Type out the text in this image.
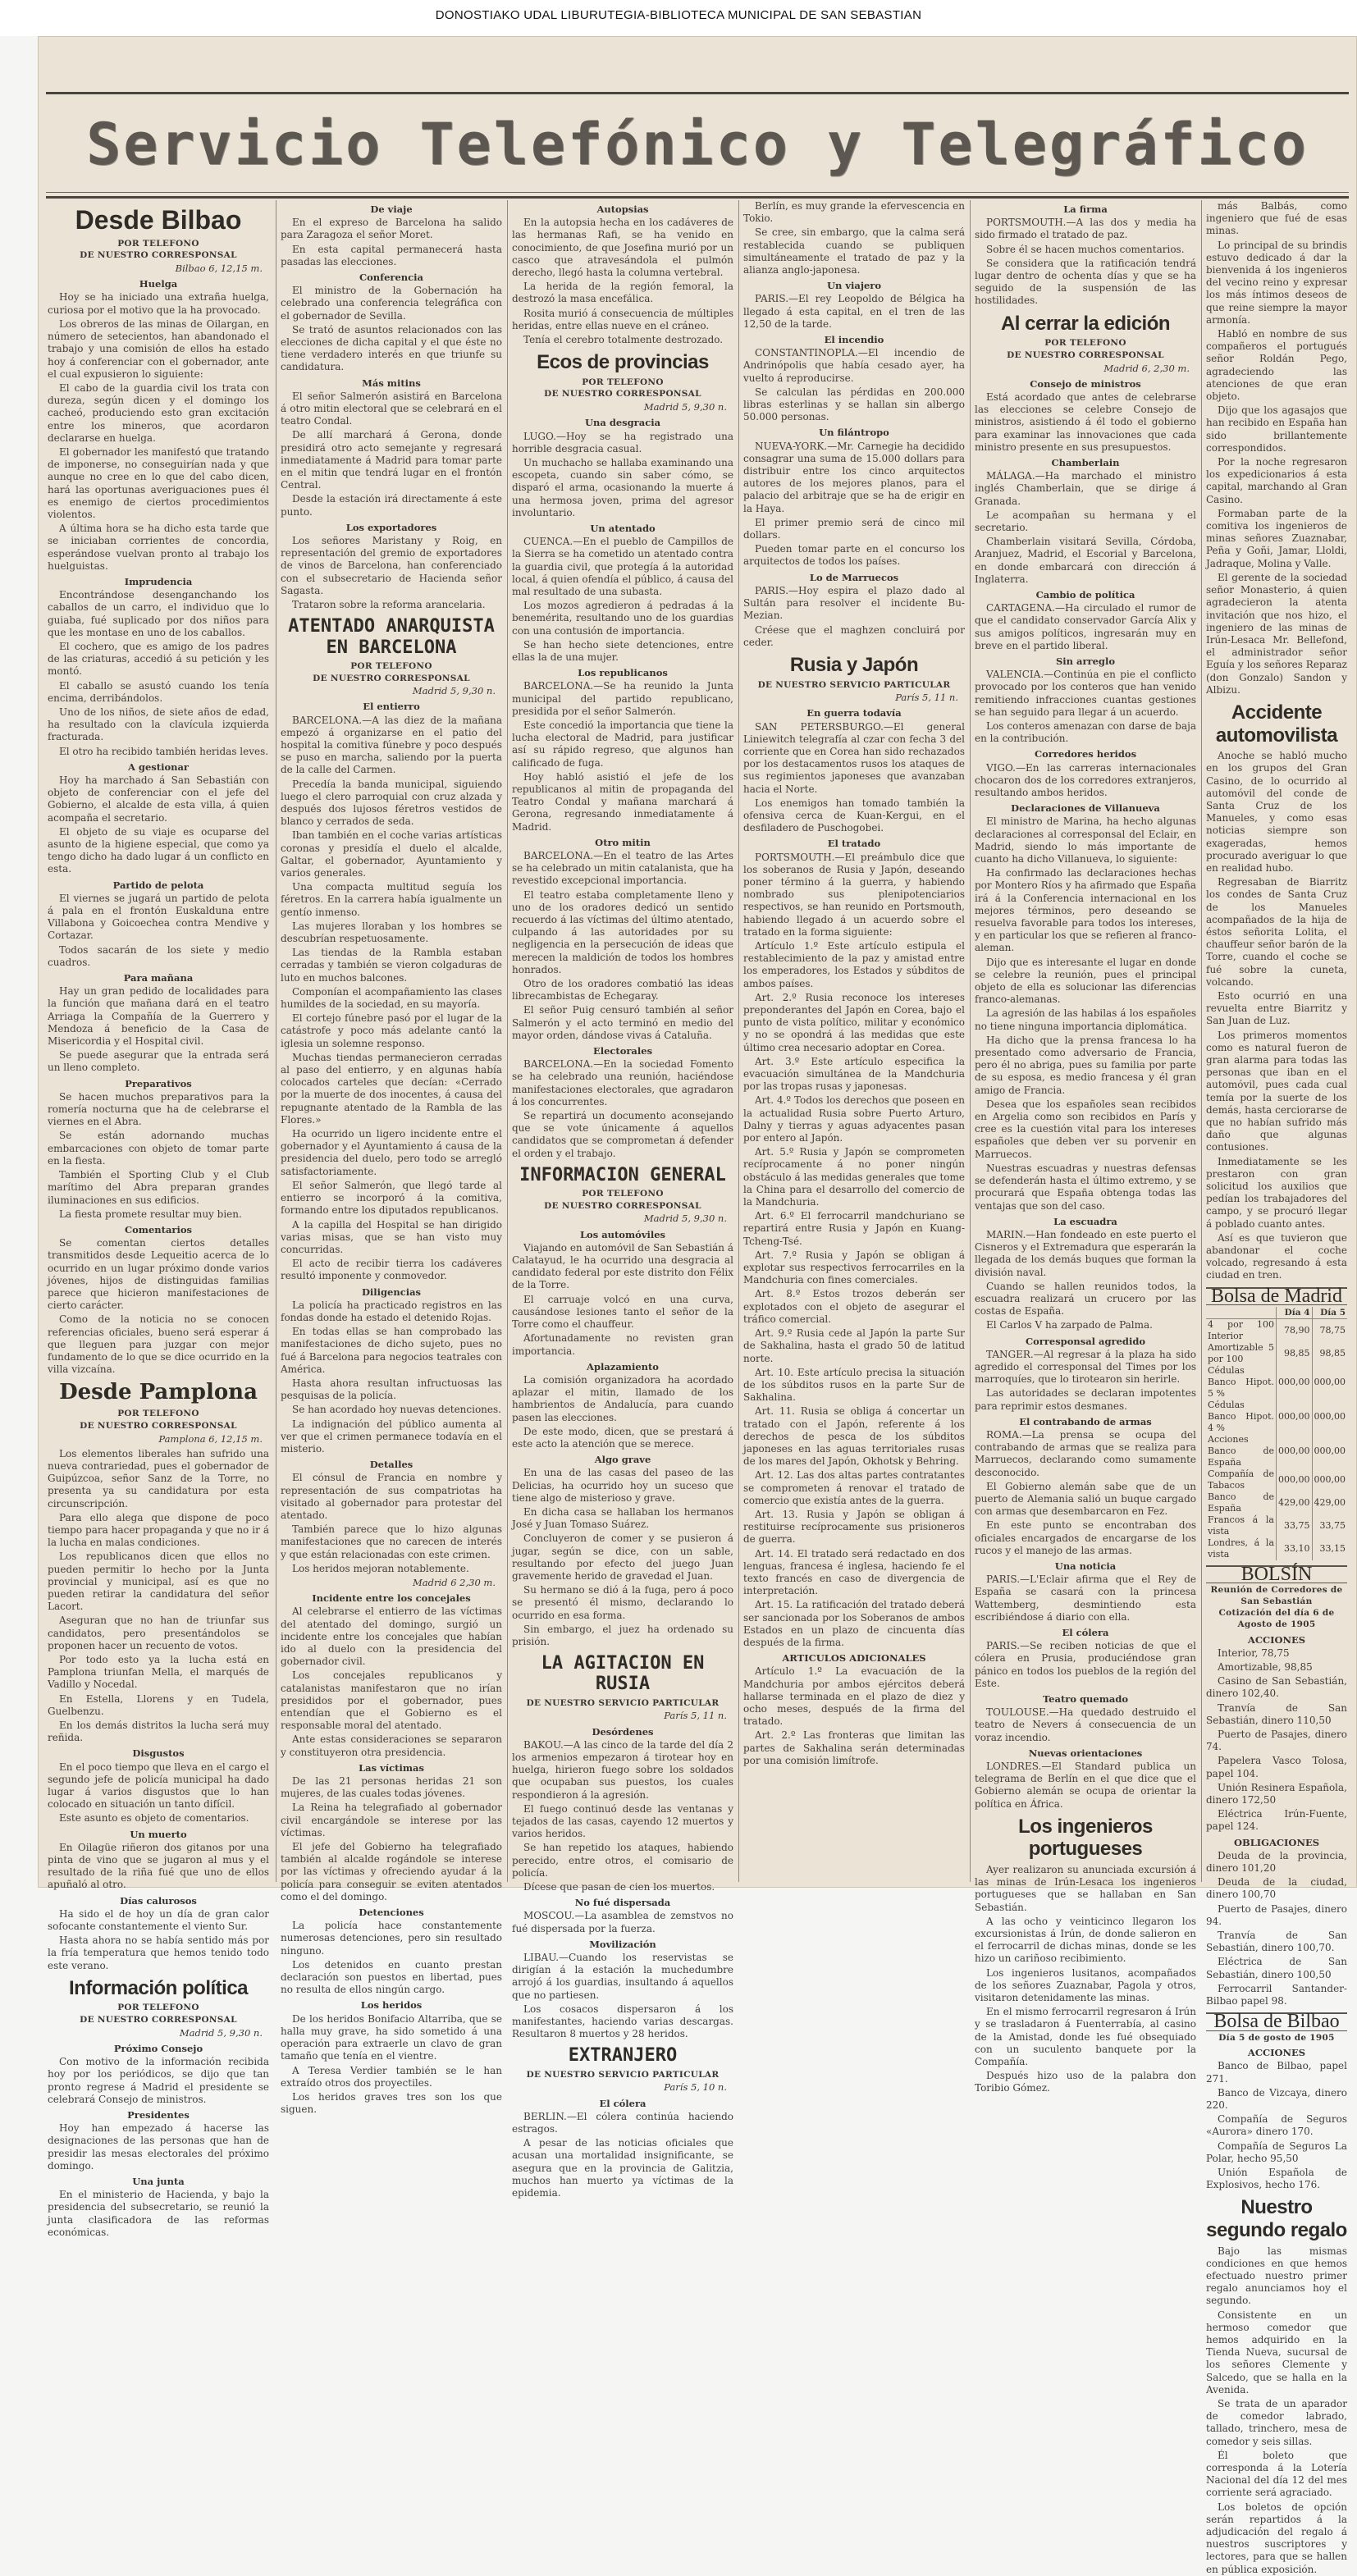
DONOSTIAKO UDAL LIBURUTEGIA-BIBLIOTECA MUNICIPAL DE SAN SEBASTIAN
Servicio Telefónico y Telegráfico
Desde Bilbao
POR TELEFONO
DE NUESTRO CORRESPONSAL
Bilbao 6, 12,15 m.
Huelga
Hoy se ha iniciado una extraña huelga, curiosa por el motivo que la ha provocado.
Los obreros de las minas de Oilargan, en número de setecientos, han abandonado el trabajo y una comisión de ellos ha estado hoy á conferenciar con el gobernador, ante el cual expusieron lo siguiente:
El cabo de la guardia civil los trata con dureza, según dicen y el domingo los cacheó, produciendo esto gran excitación entre los mineros, que acordaron declararse en huelga.
El gobernador les manifestó que tratando de imponerse, no conseguirían nada y que aunque no cree en lo que del cabo dicen, hará las oportunas averiguaciones pues él es enemigo de ciertos procedimientos violentos.
A última hora se ha dicho esta tarde que se iniciaban corrientes de concordia, esperándose vuelvan pronto al trabajo los huelguistas.
Imprudencia
Encontrándose desenganchando los caballos de un carro, el individuo que lo guiaba, fué suplicado por dos niños para que les montase en uno de los caballos.
El cochero, que es amigo de los padres de las criaturas, accedió á su petición y les montó.
El caballo se asustó cuando los tenía encima, derribándolos.
Uno de los niños, de siete años de edad, ha resultado con la clavícula izquierda fracturada.
El otro ha recibido también heridas leves.
A gestionar
Hoy ha marchado á San Sebastián con objeto de conferenciar con el jefe del Gobierno, el alcalde de esta villa, á quien acompaña el secretario.
El objeto de su viaje es ocuparse del asunto de la higiene especial, que como ya tengo dicho ha dado lugar á un conflicto en esta.
Partido de pelota
El viernes se jugará un partido de pelota á pala en el frontón Euskalduna entre Villabona y Goicoechea contra Mendive y Cortazar.
Todos sacarán de los siete y medio cuadros.
Para mañana
Hay un gran pedido de localidades para la función que mañana dará en el teatro Arriaga la Compañía de la Guerrero y Mendoza á beneficio de la Casa de Misericordia y el Hospital civil.
Se puede asegurar que la entrada será un lleno completo.
Preparativos
Se hacen muchos preparativos para la romería nocturna que ha de celebrarse el viernes en el Abra.
Se están adornando muchas embarcaciones con objeto de tomar parte en la fiesta.
También el Sporting Club y el Club marítimo del Abra preparan grandes iluminaciones en sus edificios.
La fiesta promete resultar muy bien.
Comentarios
Se comentan ciertos detalles transmitidos desde Lequeitio acerca de lo ocurrido en un lugar próximo donde varios jóvenes, hijos de distinguidas familias parece que hicieron manifestaciones de cierto carácter.
Como de la noticia no se conocen referencias oficiales, bueno será esperar á que lleguen para juzgar con mejor fundamento de lo que se dice ocurrido en la villa vizcaína.
Desde Pamplona
POR TELEFONO
DE NUESTRO CORRESPONSAL
Pamplona 6, 12,15 m.
Los elementos liberales han sufrido una nueva contrariedad, pues el gobernador de Guipúzcoa, señor Sanz de la Torre, no presenta ya su candidatura por esta circunscripción.
Para ello alega que dispone de poco tiempo para hacer propaganda y que no ir á la lucha en malas condiciones.
Los republicanos dicen que ellos no pueden permitir lo hecho por la Junta provincial y municipal, así es que no pueden retirar la candidatura del señor Lacort.
Aseguran que no han de triunfar sus candidatos, pero presentándolos se proponen hacer un recuento de votos.
Por todo esto ya la lucha está en Pamplona triunfan Mella, el marqués de Vadillo y Nocedal.
En Estella, Llorens y en Tudela, Guelbenzu.
En los demás distritos la lucha será muy reñida.
Disgustos
En el poco tiempo que lleva en el cargo el segundo jefe de policía municipal ha dado lugar á varios disgustos que lo han colocado en situación un tanto difícil.
Este asunto es objeto de comentarios.
Un muerto
En Oilagüe riñeron dos gitanos por una pinta de vino que se jugaron al mus y el resultado de la riña fué que uno de ellos apuñaló al otro.
Días calurosos
Ha sido el de hoy un día de gran calor sofocante constantemente el viento Sur.
Hasta ahora no se había sentido más por la fría temperatura que hemos tenido todo este verano.
Información política
POR TELEFONO
DE NUESTRO CORRESPONSAL
Madrid 5, 9,30 n.
Próximo Consejo
Con motivo de la información recibida hoy por los periódicos, se dijo que tan pronto regrese á Madrid el presidente se celebrará Consejo de ministros.
Presidentes
Hoy han empezado á hacerse las designaciones de las personas que han de presidir las mesas electorales del próximo domingo.
Una junta
En el ministerio de Hacienda, y bajo la presidencia del subsecretario, se reunió la junta clasificadora de las reformas económicas.
De viaje
En el expreso de Barcelona ha salido para Zaragoza el señor Moret.
En esta capital permanecerá hasta pasadas las elecciones.
Conferencia
El ministro de la Gobernación ha celebrado una conferencia telegráfica con el gobernador de Sevilla.
Se trató de asuntos relacionados con las elecciones de dicha capital y el que éste no tiene verdadero interés en que triunfe su candidatura.
Más mitins
El señor Salmerón asistirá en Barcelona á otro mitin electoral que se celebrará en el teatro Condal.
De allí marchará á Gerona, donde presidirá otro acto semejante y regresará inmediatamente á Madrid para tomar parte en el mitin que tendrá lugar en el frontón Central.
Desde la estación irá directamente á este punto.
Los exportadores
Los señores Maristany y Roig, en representación del gremio de exportadores de vinos de Barcelona, han conferenciado con el subsecretario de Hacienda señor Sagasta.
Trataron sobre la reforma arancelaria.
ATENTADO ANARQUISTA EN BARCELONA
POR TELEFONO
DE NUESTRO CORRESPONSAL
Madrid 5, 9,30 n.
El entierro
BARCELONA.—A las diez de la mañana empezó á organizarse en el patio del hospital la comitiva fúnebre y poco después se puso en marcha, saliendo por la puerta de la calle del Carmen.
Precedía la banda municipal, siguiendo luego el clero parroquial con cruz alzada y después dos lujosos féretros vestidos de blanco y cerrados de seda.
Iban también en el coche varias artísticas coronas y presidía el duelo el alcalde, Galtar, el gobernador, Ayuntamiento y varios generales.
Una compacta multitud seguía los féretros. En la carrera había igualmente un gentío inmenso.
Las mujeres lloraban y los hombres se descubrían respetuosamente.
Las tiendas de la Rambla estaban cerradas y también se vieron colgaduras de luto en muchos balcones.
Componían el acompañamiento las clases humildes de la sociedad, en su mayoría.
El cortejo fúnebre pasó por el lugar de la catástrofe y poco más adelante cantó la iglesia un solemne responso.
Muchas tiendas permanecieron cerradas al paso del entierro, y en algunas había colocados carteles que decían: «Cerrado por la muerte de dos inocentes, á causa del repugnante atentado de la Rambla de las Flores.»
Ha ocurrido un ligero incidente entre el gobernador y el Ayuntamiento á causa de la presidencia del duelo, pero todo se arregló satisfactoriamente.
El señor Salmerón, que llegó tarde al entierro se incorporó á la comitiva, formando entre los diputados republicanos.
A la capilla del Hospital se han dirigido varias misas, que se han visto muy concurridas.
El acto de recibir tierra los cadáveres resultó imponente y conmovedor.
Diligencias
La policía ha practicado registros en las fondas donde ha estado el detenido Rojas.
En todas ellas se han comprobado las manifestaciones de dicho sujeto, pues no fué á Barcelona para negocios teatrales con América.
Hasta ahora resultan infructuosas las pesquisas de la policía.
Se han acordado hoy nuevas detenciones.
La indignación del público aumenta al ver que el crimen permanece todavía en el misterio.
Detalles
El cónsul de Francia en nombre y representación de sus compatriotas ha visitado al gobernador para protestar del atentado.
También parece que lo hizo algunas manifestaciones que no carecen de interés y que están relacionadas con este crimen.
Los heridos mejoran notablemente.
Madrid 6 2,30 m.
Incidente entre los concejales
Al celebrarse el entierro de las víctimas del atentado del domingo, surgió un incidente entre los concejales que habían ido al duelo con la presidencia del gobernador civil.
Los concejales republicanos y catalanistas manifestaron que no irían presididos por el gobernador, pues entendían que el Gobierno es el responsable moral del atentado.
Ante estas consideraciones se separaron y constituyeron otra presidencia.
Las víctimas
De las 21 personas heridas 21 son mujeres, de las cuales todas jóvenes.
La Reina ha telegrafiado al gobernador civil encargándole se interese por las víctimas.
El jefe del Gobierno ha telegrafiado también al alcalde rogándole se interese por las víctimas y ofreciendo ayudar á la policía para conseguir se eviten atentados como el del domingo.
Detenciones
La policía hace constantemente numerosas detenciones, pero sin resultado ninguno.
Los detenidos en cuanto prestan declaración son puestos en libertad, pues no resulta de ellos ningún cargo.
Los heridos
De los heridos Bonifacio Altarriba, que se halla muy grave, ha sido sometido á una operación para extraerle un clavo de gran tamaño que tenía en el vientre.
A Teresa Verdier también se le han extraído otros dos proyectiles.
Los heridos graves tres son los que siguen.
Autopsias
En la autopsia hecha en los cadáveres de las hermanas Rafi, se ha venido en conocimiento, de que Josefina murió por un casco que atravesándola el pulmón derecho, llegó hasta la columna vertebral.
La herida de la región femoral, la destrozó la masa encefálica.
Rosita murió á consecuencia de múltiples heridas, entre ellas nueve en el cráneo.
Tenía el cerebro totalmente destrozado.
Ecos de provincias
POR TELEFONO
DE NUESTRO CORRESPONSAL
Madrid 5, 9,30 n.
Una desgracia
LUGO.—Hoy se ha registrado una horrible desgracia casual.
Un muchacho se hallaba examinando una escopeta, cuando sin saber cómo, se disparó el arma, ocasionando la muerte á una hermosa joven, prima del agresor involuntario.
Un atentado
CUENCA.—En el pueblo de Campillos de la Sierra se ha cometido un atentado contra la guardia civil, que protegía á la autoridad local, á quien ofendía el público, á causa del mal resultado de una subasta.
Los mozos agredieron á pedradas á la benemérita, resultando uno de los guardias con una contusión de importancia.
Se han hecho siete detenciones, entre ellas la de una mujer.
Los republicanos
BARCELONA.—Se ha reunido la Junta municipal del partido republicano, presidida por el señor Salmerón.
Este concedió la importancia que tiene la lucha electoral de Madrid, para justificar así su rápido regreso, que algunos han calificado de fuga.
Hoy habló asistió el jefe de los republicanos al mitin de propaganda del Teatro Condal y mañana marchará á Gerona, regresando inmediatamente á Madrid.
Otro mitin
BARCELONA.—En el teatro de las Artes se ha celebrado un mitin catalanista, que ha revestido excepcional importancia.
El teatro estaba completamente lleno y uno de los oradores dedicó un sentido recuerdo á las víctimas del último atentado, culpando á las autoridades por su negligencia en la persecución de ideas que merecen la maldición de todos los hombres honrados.
Otro de los oradores combatió las ideas librecambistas de Echegaray.
El señor Puig censuró también al señor Salmerón y el acto terminó en medio del mayor orden, dándose vivas á Cataluña.
Electorales
BARCELONA.—En la sociedad Fomento se ha celebrado una reunión, haciéndose manifestaciones electorales, que agradaron á los concurrentes.
Se repartirá un documento aconsejando que se vote únicamente á aquellos candidatos que se comprometan á defender el orden y el trabajo.
INFORMACION GENERAL
POR TELEFONO
DE NUESTRO CORRESPONSAL
Madrid 5, 9,30 n.
Los automóviles
Viajando en automóvil de San Sebastián á Calatayud, le ha ocurrido una desgracia al candidato federal por este distrito don Félix de la Torre.
El carruaje volcó en una curva, causándose lesiones tanto el señor de la Torre como el chauffeur.
Afortunadamente no revisten gran importancia.
Aplazamiento
La comisión organizadora ha acordado aplazar el mitin, llamado de los hambrientos de Andalucía, para cuando pasen las elecciones.
De este modo, dicen, que se prestará á este acto la atención que se merece.
Algo grave
En una de las casas del paseo de las Delicias, ha ocurrido hoy un suceso que tiene algo de misterioso y grave.
En dicha casa se hallaban los hermanos José y Juan Tomaso Suárez.
Concluyeron de comer y se pusieron á jugar, según se dice, con un sable, resultando por efecto del juego Juan gravemente herido de gravedad el Juan.
Su hermano se dió á la fuga, pero á poco se presentó él mismo, declarando lo ocurrido en esa forma.
Sin embargo, el juez ha ordenado su prisión.
LA AGITACION EN RUSIA
DE NUESTRO SERVICIO PARTICULAR
París 5, 11 n.
Desórdenes
BAKOU.—A las cinco de la tarde del día 2 los armenios empezaron á tirotear hoy en huelga, hirieron fuego sobre los soldados que ocupaban sus puestos, los cuales respondieron á la agresión.
El fuego continuó desde las ventanas y tejados de las casas, cayendo 12 muertos y varios heridos.
Se han repetido los ataques, habiendo perecido, entre otros, el comisario de policía.
Dícese que pasan de cien los muertos.
No fué dispersada
MOSCOU.—La asamblea de zemstvos no fué dispersada por la fuerza.
Movilización
LIBAU.—Cuando los reservistas se dirigían á la estación la muchedumbre arrojó á los guardias, insultando á aquellos que no partiesen.
Los cosacos dispersaron á los manifestantes, haciendo varias descargas. Resultaron 8 muertos y 28 heridos.
EXTRANJERO
DE NUESTRO SERVICIO PARTICULAR
París 5, 10 n.
El cólera
BERLIN.—El cólera continúa haciendo estragos.
A pesar de las noticias oficiales que acusan una mortalidad insignificante, se asegura que en la provincia de Galitzia, muchos han muerto ya víctimas de la epidemia.
Berlín, es muy grande la efervescencia en Tokio.
Se cree, sin embargo, que la calma será restablecida cuando se publiquen simultáneamente el tratado de paz y la alianza anglo-japonesa.
Un viajero
PARIS.—El rey Leopoldo de Bélgica ha llegado á esta capital, en el tren de las 12,50 de la tarde.
El incendio
CONSTANTINOPLA.—El incendio de Andrinópolis que había cesado ayer, ha vuelto á reproducirse.
Se calculan las pérdidas en 200.000 libras esterlinas y se hallan sin albergo 50.000 personas.
Un filántropo
NUEVA-YORK.—Mr. Carnegie ha decidido consagrar una suma de 15.000 dollars para distribuir entre los cinco arquitectos autores de los mejores planos, para el palacio del arbitraje que se ha de erigir en la Haya.
El primer premio será de cinco mil dollars.
Pueden tomar parte en el concurso los arquitectos de todos los países.
Lo de Marruecos
PARIS.—Hoy espira el plazo dado al Sultán para resolver el incidente Bu-Mezian.
Créese que el maghzen concluirá por ceder.
Rusia y Japón
DE NUESTRO SERVICIO PARTICULAR
París 5, 11 n.
En guerra todavía
SAN PETERSBURGO.—El general Liniewitch telegrafía al czar con fecha 3 del corriente que en Corea han sido rechazados por los destacamentos rusos los ataques de sus regimientos japoneses que avanzaban hacia el Norte.
Los enemigos han tomado también la ofensiva cerca de Kuan-Kergui, en el desfiladero de Puschogobei.
El tratado
PORTSMOUTH.—El preámbulo dice que los soberanos de Rusia y Japón, deseando poner término á la guerra, y habiendo nombrado sus plenipotenciarios respectivos, se han reunido en Portsmouth, habiendo llegado á un acuerdo sobre el tratado en la forma siguiente:
Artículo 1.º Este artículo estipula el restablecimiento de la paz y amistad entre los emperadores, los Estados y súbditos de ambos países.
Art. 2.º Rusia reconoce los intereses preponderantes del Japón en Corea, bajo el punto de vista político, militar y económico y no se opondrá á las medidas que este último crea necesario adoptar en Corea.
Art. 3.º Este artículo especifica la evacuación simultánea de la Mandchuria por las tropas rusas y japonesas.
Art. 4.º Todos los derechos que poseen en la actualidad Rusia sobre Puerto Arturo, Dalny y tierras y aguas adyacentes pasan por entero al Japón.
Art. 5.º Rusia y Japón se comprometen recíprocamente á no poner ningún obstáculo á las medidas generales que tome la China para el desarrollo del comercio de la Mandchuria.
Art. 6.º El ferrocarril mandchuriano se repartirá entre Rusia y Japón en Kuang-Tcheng-Tsé.
Art. 7.º Rusia y Japón se obligan á explotar sus respectivos ferrocarriles en la Mandchuria con fines comerciales.
Art. 8.º Estos trozos deberán ser explotados con el objeto de asegurar el tráfico comercial.
Art. 9.º Rusia cede al Japón la parte Sur de Sakhalina, hasta el grado 50 de latitud norte.
Art. 10. Este artículo precisa la situación de los súbditos rusos en la parte Sur de Sakhalina.
Art. 11. Rusia se obliga á concertar un tratado con el Japón, referente á los derechos de pesca de los súbditos japoneses en las aguas territoriales rusas de los mares del Japón, Okhotsk y Behring.
Art. 12. Las dos altas partes contratantes se comprometen á renovar el tratado de comercio que existía antes de la guerra.
Art. 13. Rusia y Japón se obligan á restituirse recíprocamente sus prisioneros de guerra.
Art. 14. El tratado será redactado en dos lenguas, francesa é inglesa, haciendo fe el texto francés en caso de divergencia de interpretación.
Art. 15. La ratificación del tratado deberá ser sancionada por los Soberanos de ambos Estados en un plazo de cincuenta días después de la firma.
ARTICULOS ADICIONALES
Artículo 1.º La evacuación de la Mandchuria por ambos ejércitos deberá hallarse terminada en el plazo de diez y ocho meses, después de la firma del tratado.
Art. 2.º Las fronteras que limitan las partes de Sakhalina serán determinadas por una comisión limítrofe.
La firma
PORTSMOUTH.—A las dos y media ha sido firmado el tratado de paz.
Sobre él se hacen muchos comentarios.
Se considera que la ratificación tendrá lugar dentro de ochenta días y que se ha seguido de la suspensión de las hostilidades.
Al cerrar la edición
POR TELEFONO
DE NUESTRO CORRESPONSAL
Madrid 6, 2,30 m.
Consejo de ministros
Está acordado que antes de celebrarse las elecciones se celebre Consejo de ministros, asistiendo á él todo el gobierno para examinar las innovaciones que cada ministro presente en sus presupuestos.
Chamberlain
MÁLAGA.—Ha marchado el ministro inglés Chamberlain, que se dirige á Granada.
Le acompañan su hermana y el secretario.
Chamberlain visitará Sevilla, Córdoba, Aranjuez, Madrid, el Escorial y Barcelona, en donde embarcará con dirección á Inglaterra.
Cambio de política
CARTAGENA.—Ha circulado el rumor de que el candidato conservador García Alix y sus amigos políticos, ingresarán muy en breve en el partido liberal.
Sin arreglo
VALENCIA.—Continúa en pie el conflicto provocado por los conteros que han venido remitiendo infracciones cuantas gestiones se han seguido para llegar á un acuerdo.
Los conteros amenazan con darse de baja en la contribución.
Corredores heridos
VIGO.—En las carreras internacionales chocaron dos de los corredores extranjeros, resultando ambos heridos.
Declaraciones de Villanueva
El ministro de Marina, ha hecho algunas declaraciones al corresponsal del Eclair, en Madrid, siendo lo más importante de cuanto ha dicho Villanueva, lo siguiente:
Ha confirmado las declaraciones hechas por Montero Ríos y ha afirmado que España irá á la Conferencia internacional en los mejores términos, pero deseando se resuelva favorable para todos los intereses, y en particular los que se refieren al franco-aleman.
Dijo que es interesante el lugar en donde se celebre la reunión, pues el principal objeto de ella es solucionar las diferencias franco-alemanas.
La agresión de las habilas á los españoles no tiene ninguna importancia diplomática.
Ha dicho que la prensa francesa lo ha presentado como adversario de Francia, pero él no abriga, pues su familia por parte de su esposa, es medio francesa y él gran amigo de Francia.
Desea que los españoles sean recibidos en Argelia como son recibidos en París y cree es la cuestión vital para los intereses españoles que deben ver su porvenir en Marruecos.
Nuestras escuadras y nuestras defensas se defenderán hasta el último extremo, y se procurará que España obtenga todas las ventajas que son del caso.
La escuadra
MARIN.—Han fondeado en este puerto el Cisneros y el Extremadura que esperarán la llegada de los demás buques que forman la división naval.
Cuando se hallen reunidos todos, la escuadra realizará un crucero por las costas de España.
El Carlos V ha zarpado de Palma.
Corresponsal agredido
TANGER.—Al regresar á la plaza ha sido agredido el corresponsal del Times por los marroquíes, que lo tirotearon sin herirle.
Las autoridades se declaran impotentes para reprimir estos desmanes.
El contrabando de armas
ROMA.—La prensa se ocupa del contrabando de armas que se realiza para Marruecos, declarando como sumamente desconocido.
El Gobierno alemán sabe que de un puerto de Alemania salió un buque cargado con armas que desembarcaron en Fez.
En este punto se encontraban dos oficiales encargados de encargarse de los rucos y el manejo de las armas.
Una noticia
PARIS.—L'Eclair afirma que el Rey de España se casará con la princesa Wattemberg, desmintiendo esta escribiéndose á diario con ella.
El cólera
PARIS.—Se reciben noticias de que el cólera en Prusia, produciéndose gran pánico en todos los pueblos de la región del Este.
Teatro quemado
TOULOUSE.—Ha quedado destruido el teatro de Nevers á consecuencia de un voraz incendio.
Nuevas orientaciones
LONDRES.—El Standard publica un telegrama de Berlín en el que dice que el Gobierno alemán se ocupa de orientar la política en África.
Los ingenieros portugueses
Ayer realizaron su anunciada excursión á las minas de Irún-Lesaca los ingenieros portugueses que se hallaban en San Sebastián.
A las ocho y veinticinco llegaron los excursionistas á Irún, de donde salieron en el ferrocarril de dichas minas, donde se les hizo un cariñoso recibimiento.
Los ingenieros lusitanos, acompañados de los señores Zuaznabar, Pagola y otros, visitaron detenidamente las minas.
En el mismo ferrocarril regresaron á Irún y se trasladaron á Fuenterrabía, al casino de la Amistad, donde les fué obsequiado con un suculento banquete por la Compañía.
Después hizo uso de la palabra don Toribio Gómez.
más Balbás, como ingeniero que fué de esas minas.
Lo principal de su brindis estuvo dedicado á dar la bienvenida á los ingenieros del vecino reino y expresar los más íntimos deseos de que reine siempre la mayor armonía.
Habló en nombre de sus compañeros el portugués señor Roldán Pego, agradeciendo las atenciones de que eran objeto.
Dijo que los agasajos que han recibido en España han sido brillantemente correspondidos.
Por la noche regresaron los expedicionarios á esta capital, marchando al Gran Casino.
Formaban parte de la comitiva los ingenieros de minas señores Zuaznabar, Peña y Goñi, Jamar, Lloldi, Jadraque, Molina y Valle.
El gerente de la sociedad señor Monasterio, á quien agradecieron la atenta invitación que nos hizo, el ingeniero de las minas de Irún-Lesaca Mr. Bellefond, el administrador señor Eguía y los señores Reparaz (don Gonzalo) Sandon y Albizu.
Accidente automovilista
Anoche se habló mucho en los grupos del Gran Casino, de lo ocurrido al automóvil del conde de Santa Cruz de los Manueles, y como esas noticias siempre son exageradas, hemos procurado averiguar lo que en realidad hubo.
Regresaban de Biarritz los condes de Santa Cruz de los Manueles acompañados de la hija de éstos señorita Lolita, el chauffeur señor barón de la Torre, cuando el coche se fué sobre la cuneta, volcando.
Esto ocurrió en una revuelta entre Biarritz y San Juan de Luz.
Los primeros momentos como es natural fueron de gran alarma para todas las personas que iban en el automóvil, pues cada cual temía por la suerte de los demás, hasta cerciorarse de que no habían sufrido más daño que algunas contusiones.
Inmediatamente se les prestaron con gran solicitud los auxilios que pedían los trabajadores del campo, y se procuró llegar á poblado cuanto antes.
Así es que tuvieron que abandonar el coche volcado, regresando á esta ciudad en tren.
Bolsa de Madrid
	Día 4	Día 5
4 por 100 Interior	78,90	78,75
Amortizable 5 por 100	98,85	98,85
Cédulas Banco Hipot. 5 %	000,00	000,00
Cédulas Banco Hipot. 4 %	000,00	000,00
Acciones Banco de España	000,00	000,00
Compañía de Tabacos	000,00	000,00
Banco de España	429,00	429,00
Francos á la vista	33,75	33,75
Londres, á la vista	33,10	33,15
BOLSÍN
Reunión de Corredores de San Sebastián
Cotización del día 6 de Agosto de 1905
ACCIONES
Interior, 78,75
Amortizable, 98,85
Casino de San Sebastián, dinero 102,40.
Tranvía de San Sebastián, dinero 110,50
Puerto de Pasajes, dinero 74.
Papelera Vasco Tolosa, papel 104.
Unión Resinera Española, dinero 172,50
Eléctrica Irún-Fuente, papel 124.
OBLIGACIONES
Deuda de la provincia, dinero 101,20
Deuda de la ciudad, dinero 100,70
Puerto de Pasajes, dinero 94.
Tranvía de San Sebastián, dinero 100,70.
Eléctrica de San Sebastián, dinero 100,50
Ferrocarril Santander-Bilbao papel 98.
Bolsa de Bilbao
Día 5 de gosto de 1905
ACCIONES
Banco de Bilbao, papel 271.
Banco de Vizcaya, dinero 220.
Compañía de Seguros «Aurora» dinero 170.
Compañía de Seguros La Polar, hecho 95,50
Unión Española de Explosivos, hecho 176.
Nuestro segundo regalo
Bajo las mismas condiciones en que hemos efectuado nuestro primer regalo anunciamos hoy el segundo.
Consistente en un hermoso comedor que hemos adquirido en la Tienda Nueva, sucursal de los señores Clemente y Salcedo, que se halla en la Avenida.
Se trata de un aparador de comedor labrado, tallado, trinchero, mesa de comedor y seis sillas.
Él boleto que corresponda á la Lotería Nacional del día 12 del mes corriente será agraciado.
Los boletos de opción serán repartidos á la adjudicación del regalo á nuestros suscriptores y lectores, para que se hallen en pública exposición.
